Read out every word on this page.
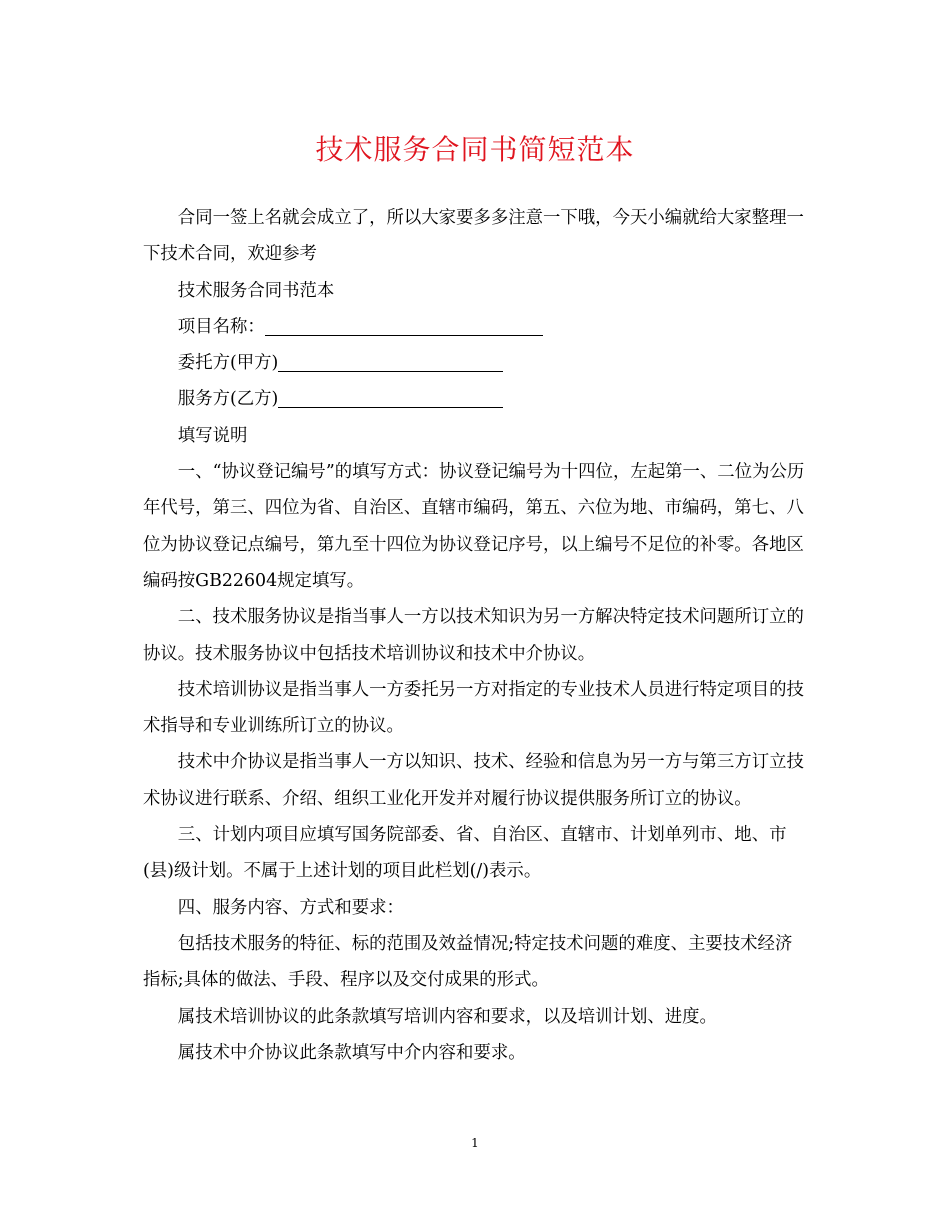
技术服务合同书简短范本

合同一签上名就会成立了，所以大家要多多注意一下哦，今天小编就给大家整理一下技术合同，欢迎参考

技术服务合同书范本

项目名称：

委托方(甲方)

服务方(乙方)

填写说明

一、“协议登记编号”的填写方式：协议登记编号为十四位，左起第一、二位为公历年代号，第三、四位为省、自治区、直辖市编码，第五、六位为地、市编码，第七、八位为协议登记点编号，第九至十四位为协议登记序号，以上编号不足位的补零。各地区编码按GB22604规定填写。

二、技术服务协议是指当事人一方以技术知识为另一方解决特定技术问题所订立的协议。技术服务协议中包括技术培训协议和技术中介协议。

技术培训协议是指当事人一方委托另一方对指定的专业技术人员进行特定项目的技术指导和专业训练所订立的协议。

技术中介协议是指当事人一方以知识、技术、经验和信息为另一方与第三方订立技术协议进行联系、介绍、组织工业化开发并对履行协议提供服务所订立的协议。

三、计划内项目应填写国务院部委、省、自治区、直辖市、计划单列市、地、市(县)级计划。不属于上述计划的项目此栏划(/)表示。

四、服务内容、方式和要求：

包括技术服务的特征、标的范围及效益情况;特定技术问题的难度、主要技术经济指标;具体的做法、手段、程序以及交付成果的形式。

属技术培训协议的此条款填写培训内容和要求，以及培训计划、进度。

属技术中介协议此条款填写中介内容和要求。

1
